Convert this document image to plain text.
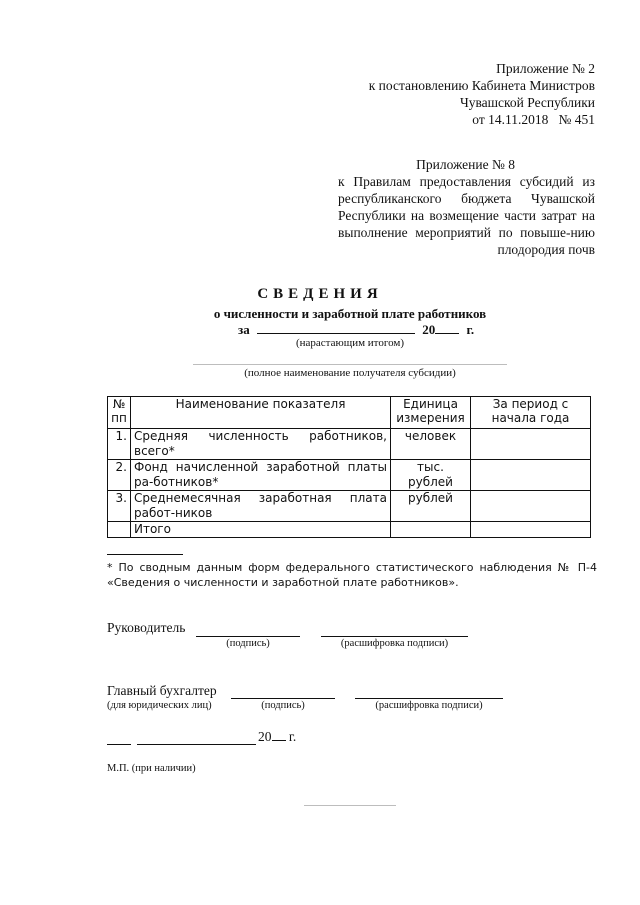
Приложение № 2
к постановлению Кабинета Министров
Чувашской Республики
от 14.11.2018   № 451
Приложение № 8
к Правилам предоставления субсидий из республиканского бюджета Чувашской Республики на возмещение части затрат на выполнение мероприятий по повыше-нию плодородия почв
СВЕДЕНИЯ
о численности и заработной плате работников
за	20 г.
(нарастающим итогом)
(полное наименование получателя субсидии)
№ пп	Наименование показателя	Единица измерения	За период с начала года
1.	Средняя численность работников, всего*	человек	
2.	Фонд начисленной заработной платы ра-ботников*	тыс. рублей	
3.	Среднемесячная заработная плата работ-ников	рублей	
	Итого		
* По сводным данным форм федерального статистического наблюдения № П-4 «Сведения о численности и заработной плате работников».
Руководитель
(подпись)	(расшифровка подписи)
Главный бухгалтер
(для юридических лиц)	(подпись)	(расшифровка подписи)
20 г.
М.П. (при наличии)
